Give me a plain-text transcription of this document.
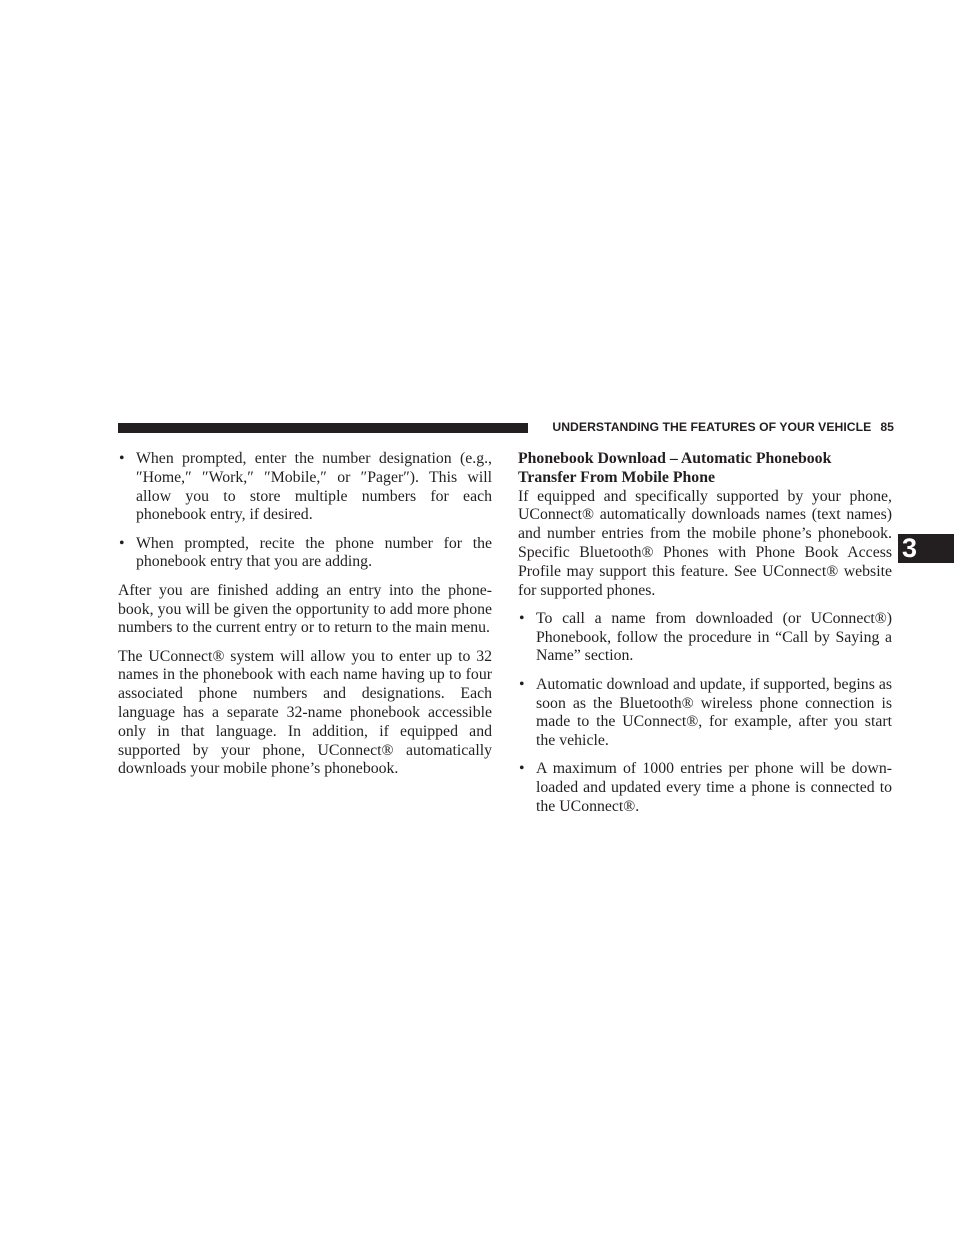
UNDERSTANDING THE FEATURES OF YOUR VEHICLE 85
3
• When prompted, enter the number designation (e.g., ″Home,″ ″Work,″ ″Mobile,″ or ″Pager″). This will allow you to store multiple numbers for each phonebook entry, if desired.
• When prompted, recite the phone number for the phonebook entry that you are adding.

After you are finished adding an entry into the phone- book, you will be given the opportunity to add more phone numbers to the current entry or to return to the main menu.

The UConnect® system will allow you to enter up to 32 names in the phonebook with each name having up to four associated phone numbers and designations. Each language has a separate 32-name phonebook accessible only in that language. In addition, if equipped and supported by your phone, UConnect® automatically downloads your mobile phone’s phonebook.

Phonebook Download – Automatic Phonebook Transfer From Mobile Phone

If equipped and specifically supported by your phone, UConnect® automatically downloads names (text names) and number entries from the mobile phone’s phonebook. Specific Bluetooth® Phones with Phone Book Access Profile may support this feature. See UConnect® website for supported phones.

• To call a name from downloaded (or UConnect®) Phonebook, follow the procedure in “Call by Saying a Name” section.
• Automatic download and update, if supported, begins as soon as the Bluetooth® wireless phone connection is made to the UConnect®, for example, after you start the vehicle.
• A maximum of 1000 entries per phone will be down- loaded and updated every time a phone is connected to the UConnect®.
